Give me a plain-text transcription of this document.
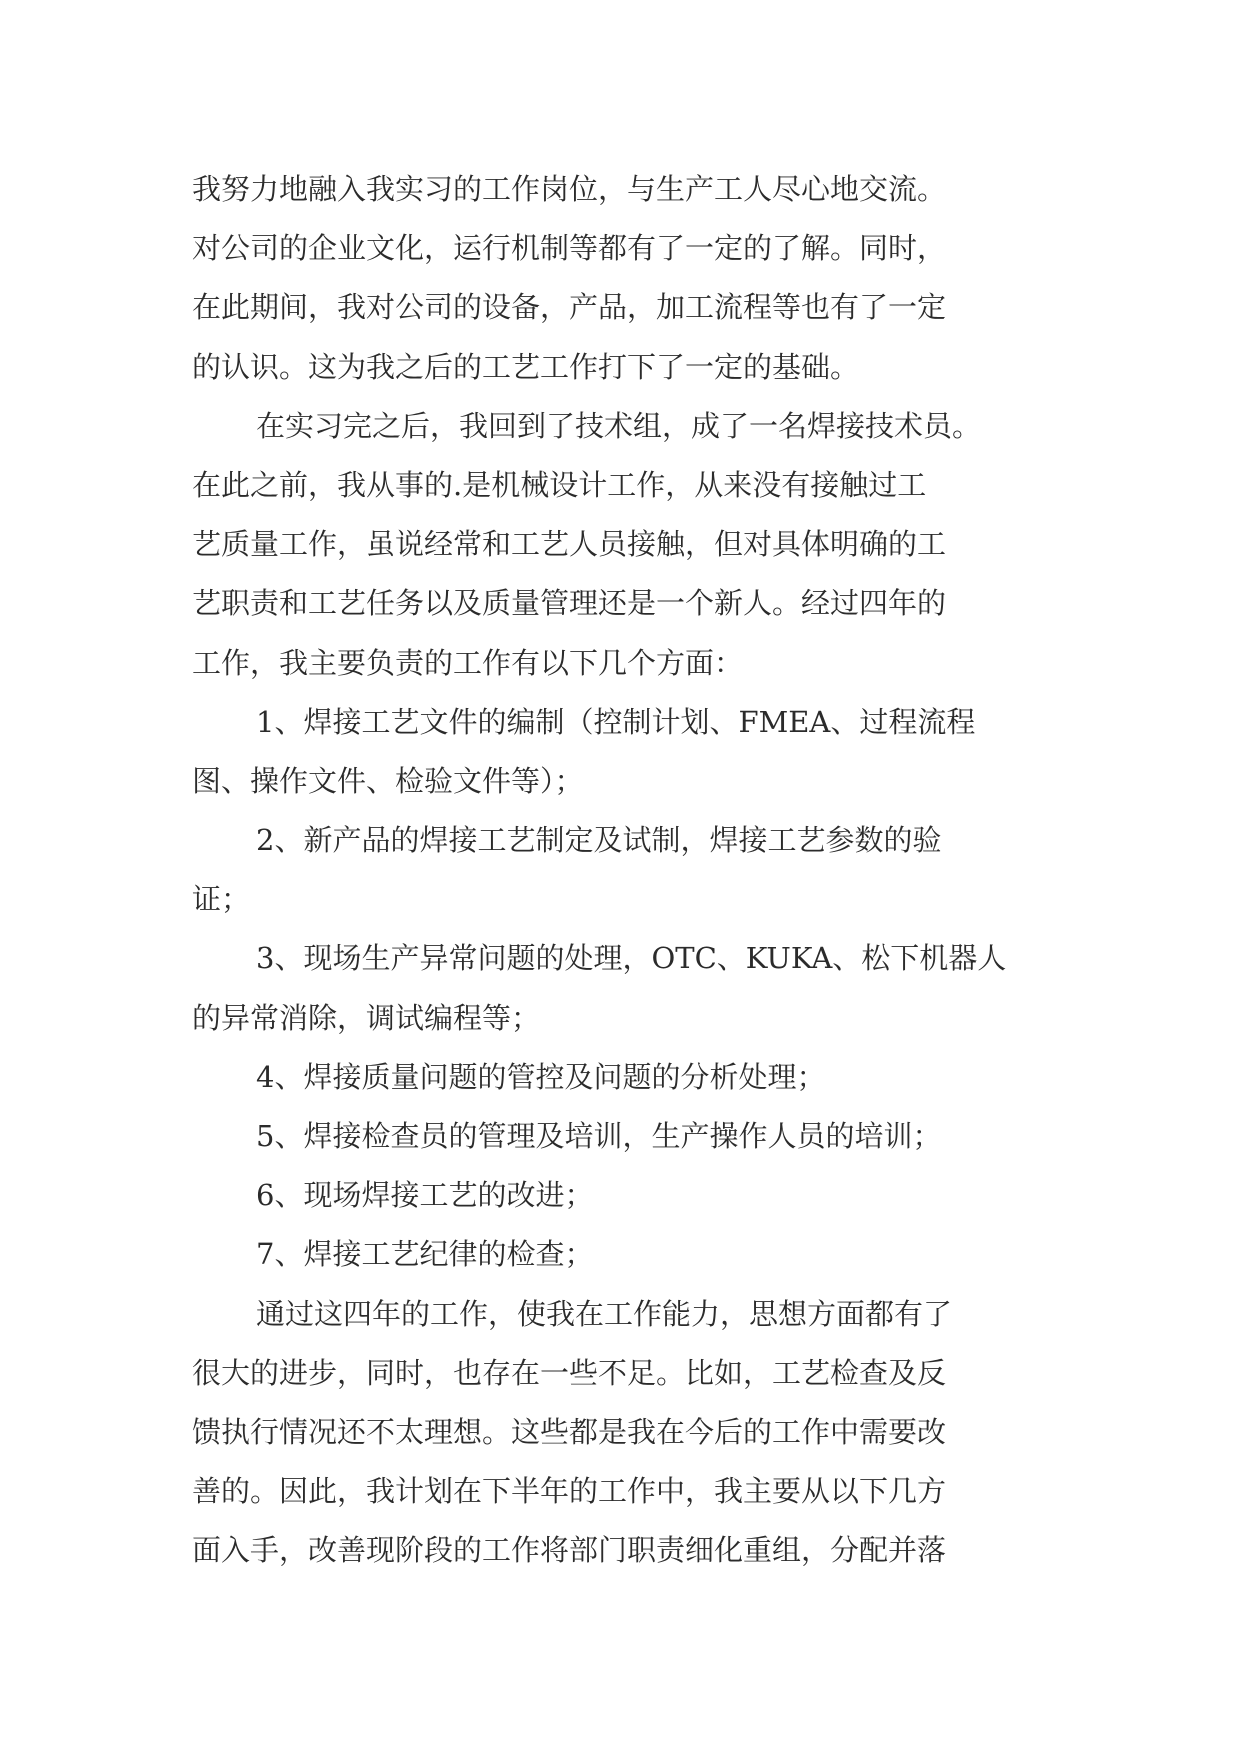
我努力地融入我实习的工作岗位，与生产工人尽心地交流。
对公司的企业文化，运行机制等都有了一定的了解。同时，
在此期间，我对公司的设备，产品，加工流程等也有了一定
的认识。这为我之后的工艺工作打下了一定的基础。
在实习完之后，我回到了技术组，成了一名焊接技术员。
在此之前，我从事的.是机械设计工作，从来没有接触过工
艺质量工作，虽说经常和工艺人员接触，但对具体明确的工
艺职责和工艺任务以及质量管理还是一个新人。经过四年的
工作，我主要负责的工作有以下几个方面：
1、焊接工艺文件的编制（控制计划、FMEA、过程流程
图、操作文件、检验文件等）；
2、新产品的焊接工艺制定及试制，焊接工艺参数的验
证；
3、现场生产异常问题的处理，OTC、KUKA、松下机器人
的异常消除，调试编程等；
4、焊接质量问题的管控及问题的分析处理；
5、焊接检查员的管理及培训，生产操作人员的培训；
6、现场焊接工艺的改进；
7、焊接工艺纪律的检查；
通过这四年的工作，使我在工作能力，思想方面都有了
很大的进步，同时，也存在一些不足。比如，工艺检查及反
馈执行情况还不太理想。这些都是我在今后的工作中需要改
善的。因此，我计划在下半年的工作中，我主要从以下几方
面入手，改善现阶段的工作将部门职责细化重组，分配并落
